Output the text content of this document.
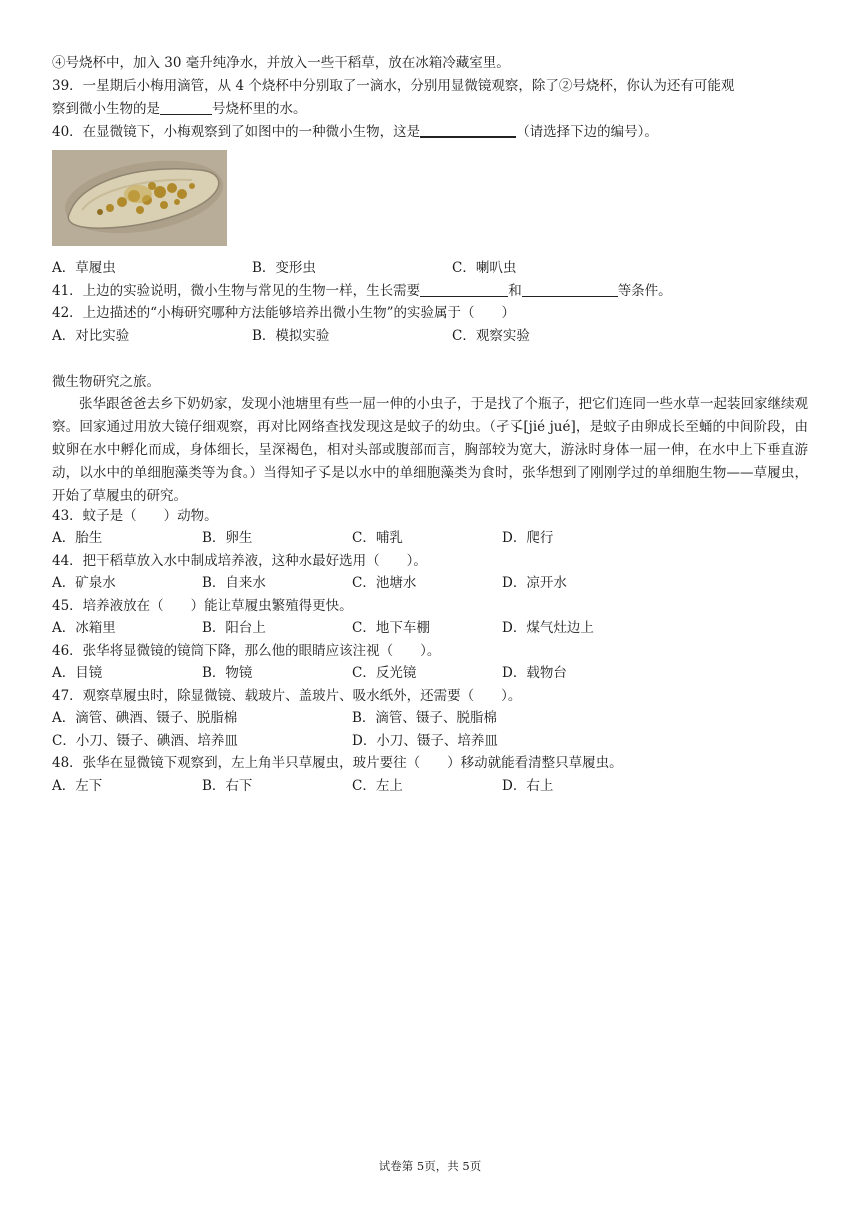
④号烧杯中，加入 30 毫升纯净水，并放入一些干稻草，放在冰箱冷藏室里。
39．一星期后小梅用滴管，从 4 个烧杯中分别取了一滴水，分别用显微镜观察，除了②号烧杯，你认为还有可能观
察到微小生物的是	号烧杯里的水。
40．在显微镜下，小梅观察到了如图中的一种微小生物，这是	（请选择下边的编号）。
A．草履虫	B．变形虫	C．喇叭虫
41．上边的实验说明，微小生物与常见的生物一样，生长需要	和	等条件。
42．上边描述的“小梅研究哪种方法能够培养出微小生物”的实验属于（　　）
A．对比实验	B．模拟实验	C．观察实验
微生物研究之旅。
张华跟爸爸去乡下奶奶家，发现小池塘里有些一屈一伸的小虫子，于是找了个瓶子，把它们连同一些水草一起装回家继续观察。回家通过用放大镜仔细观察，再对比网络查找发现这是蚊子的幼虫。（孑孓[jié jué]，是蚊子由卵成长至蛹的中间阶段，由蚊卵在水中孵化而成，身体细长，呈深褐色，相对头部或腹部而言，胸部较为宽大，游泳时身体一屈一伸，在水中上下垂直游动，以水中的单细胞藻类等为食。）当得知孑孓是以水中的单细胞藻类为食时，张华想到了刚刚学过的单细胞生物——草履虫，开始了草履虫的研究。
43．蚊子是（　　）动物。
A．胎生	B．卵生	C．哺乳	D．爬行
44．把干稻草放入水中制成培养液，这种水最好选用（　　）。
A．矿泉水	B．自来水	C．池塘水	D．凉开水
45．培养液放在（　　）能让草履虫繁殖得更快。
A．冰箱里	B．阳台上	C．地下车棚	D．煤气灶边上
46．张华将显微镜的镜筒下降，那么他的眼睛应该注视（　　）。
A．目镜	B．物镜	C．反光镜	D．载物台
47．观察草履虫时，除显微镜、载玻片、盖玻片、吸水纸外，还需要（　　）。
A．滴管、碘酒、镊子、脱脂棉	B．滴管、镊子、脱脂棉
C．小刀、镊子、碘酒、培养皿	D．小刀、镊子、培养皿
48．张华在显微镜下观察到，左上角半只草履虫，玻片要往（　　）移动就能看清整只草履虫。
A．左下	B．右下	C．左上	D．右上
试卷第 5页，共 5页
